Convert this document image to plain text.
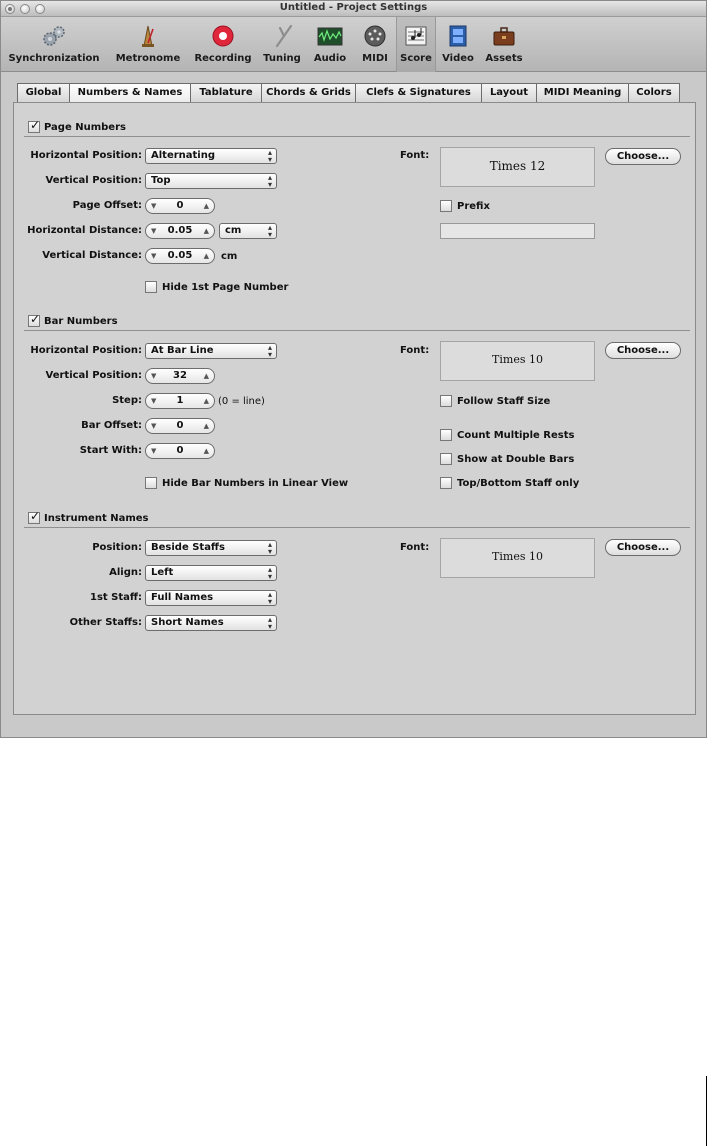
Untitled - Project Settings
Synchronization	Metronome	Recording	Tuning	Audio	MIDI	Score	Video	Assets
Global	Numbers & Names	Tablature	Chords & Grids	Clefs & Signatures	Layout	MIDI Meaning	Colors
✓ Page Numbers
Horizontal Position: Alternating	▴
▾
Vertical Position: Top	▴
▾
Page Offset: ▼ 0	▲
Horizontal Distance: ▼ 0.05 ▲	cm	▴
▾
Vertical Distance: ▼ 0.05 ▲ cm
Hide 1st Page Number
Font:
Times 12
Choose...
Prefix
✓ Bar Numbers
Horizontal Position: At Bar Line	▴
▾
Vertical Position: ▼ 32 ▲
Step: ▼ 1	▲ (0 = line)
Bar Offset: ▼ 0	▲
Start With: ▼ 0	▲
Hide Bar Numbers in Linear View
Font:
Times 10
Choose...
Follow Staff Size
Count Multiple Rests
Show at Double Bars
Top/Bottom Staff only
✓ Instrument Names
Position: Beside Staffs	▴
▾
Align: Left	▴
▾
1st Staff: Full Names	▴
▾
Other Staffs: Short Names	▴
▾
Font:
Times 10
Choose...
